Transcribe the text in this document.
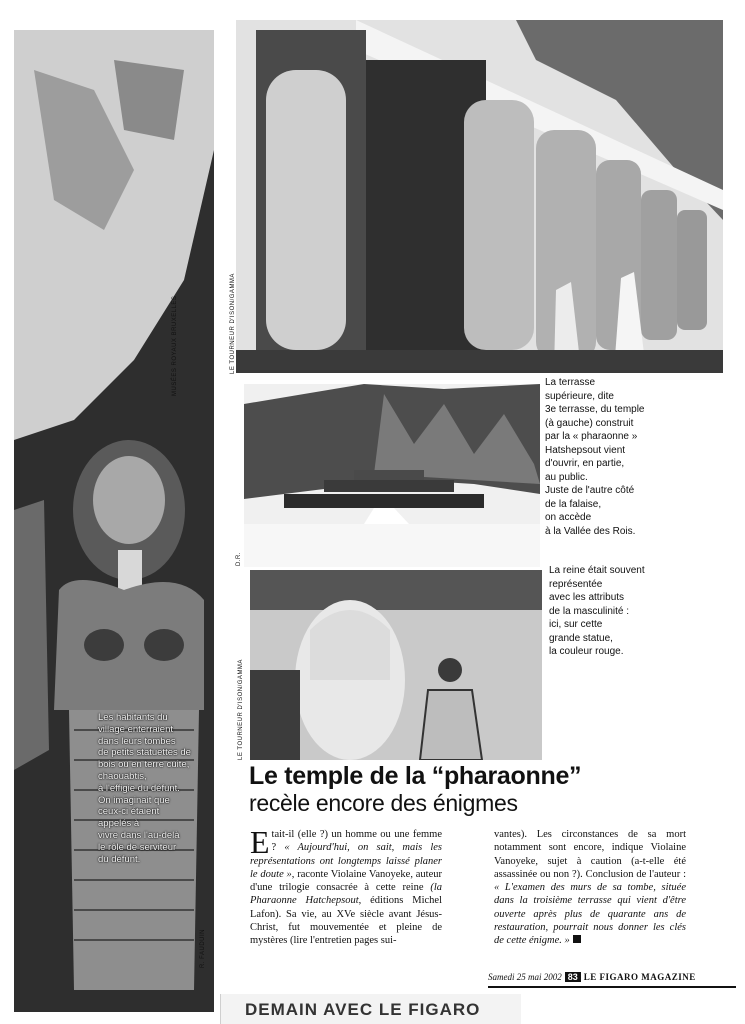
MUSÉES ROYAUX BRUXELLES
R. FAUDUIN
Les habitants du
village enterraient
dans leurs tombes
de petits statuettes de
bois ou en terre cuite,
chaouabtis,
à l'effigie du défunt.
On imaginait que
ceux-ci étaient
appelés à
vivre dans l'au-delà
le rôle de serviteur
du défunt.
LE TOURNEUR D'ISON/GAMMA
D.R.
LE TOURNEUR D'ISON/GAMMA
La terrasse
supérieure, dite
3e terrasse, du temple
(à gauche) construit
par la « pharaonne »
Hatshepsout vient
d'ouvrir, en partie,
au public.
Juste de l'autre côté
de la falaise,
on accède
à la Vallée des Rois.
La reine était souvent
représentée
avec les attributs
de la masculinité :
ici, sur cette
grande statue,
la couleur rouge.
Le temple de la “pharaonne”
recèle encore des énigmes

Etait-il (elle ?) un homme ou une femme ? « Aujourd'hui, on sait, mais les représentations ont longtemps laissé planer le doute », raconte Violaine Vanoyeke, auteur d'une trilogie consacrée à cette reine (la Pharaonne Hatchepsout, éditions Michel Lafon). Sa vie, au XVe siècle avant Jésus-Christ, fut mouvementée et pleine de mystères (lire l'entretien pages sui-

vantes). Les circonstances de sa mort notamment sont encore, indique Violaine Vanoyeke, sujet à caution (a-t-elle été assassinée ou non ?). Conclusion de l'auteur : « L'examen des murs de sa tombe, située dans la troisième terrasse qui vient d'être ouverte après plus de quarante ans de restauration, pourrait nous donner les clés de cette énigme. »

Samedi 25 mai 2002 83 LE FIGARO MAGAZINE
DEMAIN AVEC LE FIGARO
